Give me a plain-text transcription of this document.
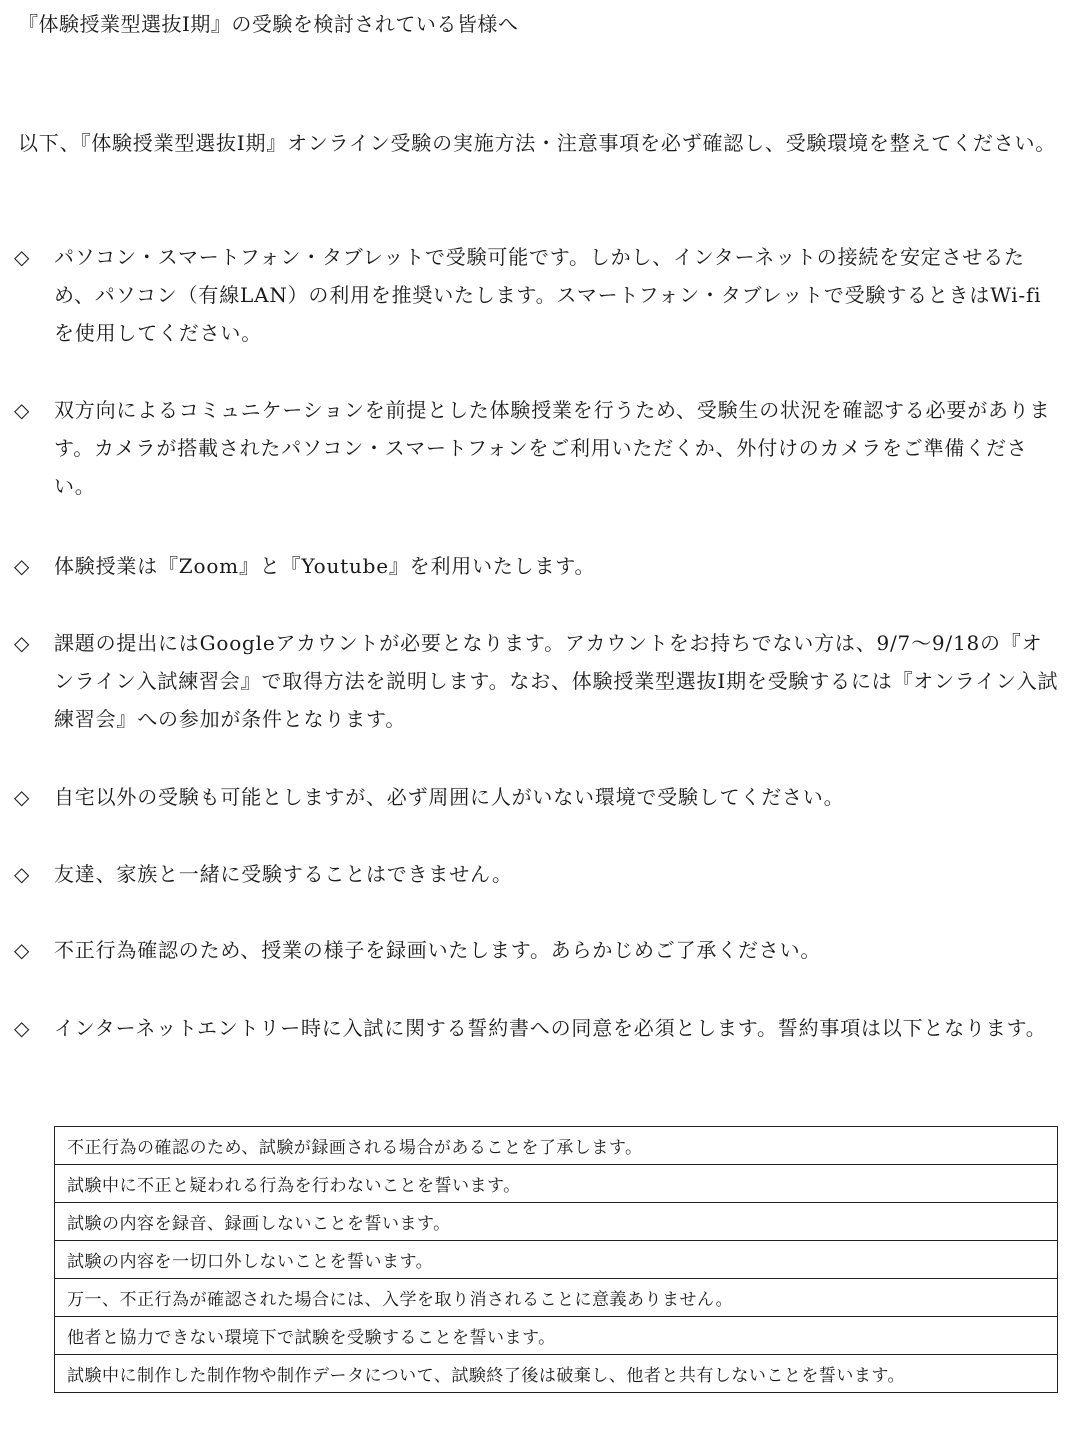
『体験授業型選抜Ⅰ期』の受験を検討されている皆様へ
以下、『体験授業型選抜Ⅰ期』オンライン受験の実施方法・注意事項を必ず確認し、受験環境を整えてください。
◇	パソコン・スマートフォン・タブレットで受験可能です。しかし、インターネットの接続を安定させるため、パソコン（有線LAN）の利用を推奨いたします。スマートフォン・タブレットで受験するときはWi-fiを使用してください。
◇	双方向によるコミュニケーションを前提とした体験授業を行うため、受験生の状況を確認する必要があります。カメラが搭載されたパソコン・スマートフォンをご利用いただくか、外付けのカメラをご準備ください。
◇	体験授業は『Zoom』と『Youtube』を利用いたします。
◇	課題の提出にはGoogleアカウントが必要となります。アカウントをお持ちでない方は、9/7～9/18の『オンライン入試練習会』で取得方法を説明します。なお、体験授業型選抜Ⅰ期を受験するには『オンライン入試練習会』への参加が条件となります。
◇	自宅以外の受験も可能としますが、必ず周囲に人がいない環境で受験してください。
◇	友達、家族と一緒に受験することはできません。
◇	不正行為確認のため、授業の様子を録画いたします。あらかじめご了承ください。
◇	インターネットエントリー時に入試に関する誓約書への同意を必須とします。誓約事項は以下となります。
不正行為の確認のため、試験が録画される場合があることを了承します。
試験中に不正と疑われる行為を行わないことを誓います。
試験の内容を録音、録画しないことを誓います。
試験の内容を一切口外しないことを誓います。
万一、不正行為が確認された場合には、入学を取り消されることに意義ありません。
他者と協力できない環境下で試験を受験することを誓います。
試験中に制作した制作物や制作データについて、試験終了後は破棄し、他者と共有しないことを誓います。
